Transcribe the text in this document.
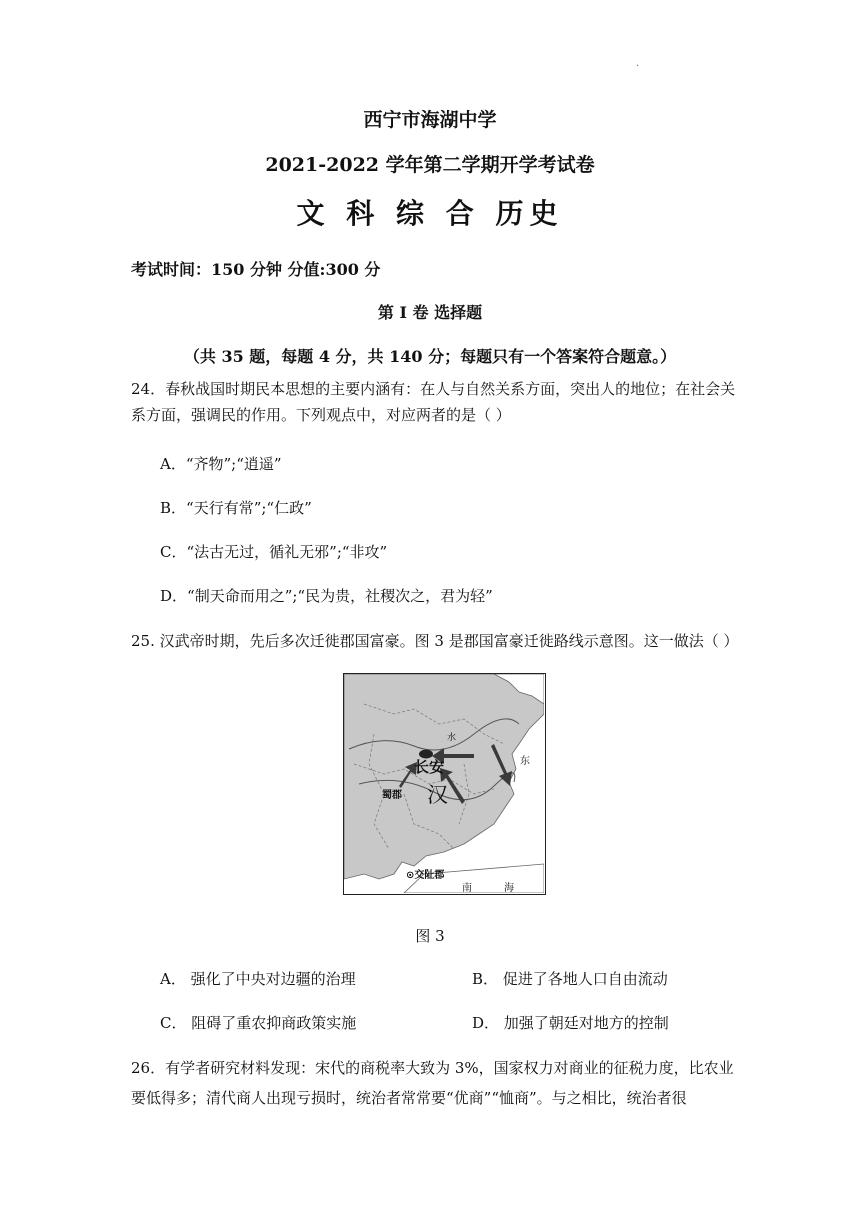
.
西宁市海湖中学
2021-2022 学年第二学期开学考试卷
文 科 综 合 历史
考试时间：150 分钟 分值:300 分
第 I 卷 选择题
（共 35 题，每题 4 分，共 140 分；每题只有一个答案符合题意。）
24．春秋战国时期民本思想的主要内涵有：在人与自然关系方面，突出人的地位；在社会关系方面，强调民的作用。下列观点中，对应两者的是（ ）
A．“齐物”;“逍遥”
B．“天行有常”;“仁政”
C．“法古无过，循礼无邪”;“非攻”
D．“制天命而用之”;“民为贵，社稷次之，君为轻”
25. 汉武帝时期，先后多次迁徙郡国富豪。图 3 是郡国富豪迁徙路线示意图。这一做法（ ）
长安
汉
蜀郡
⊙交阯郡
东
南	海
水
图 3
A． 强化了中央对边疆的治理	B． 促进了各地人口自由流动
C． 阻碍了重农抑商政策实施	D． 加强了朝廷对地方的控制
26．有学者研究材料发现：宋代的商税率大致为 3%，国家权力对商业的征税力度，比农业要低得多；清代商人出现亏损时，统治者常常要“优商”“恤商”。与之相比，统治者很
